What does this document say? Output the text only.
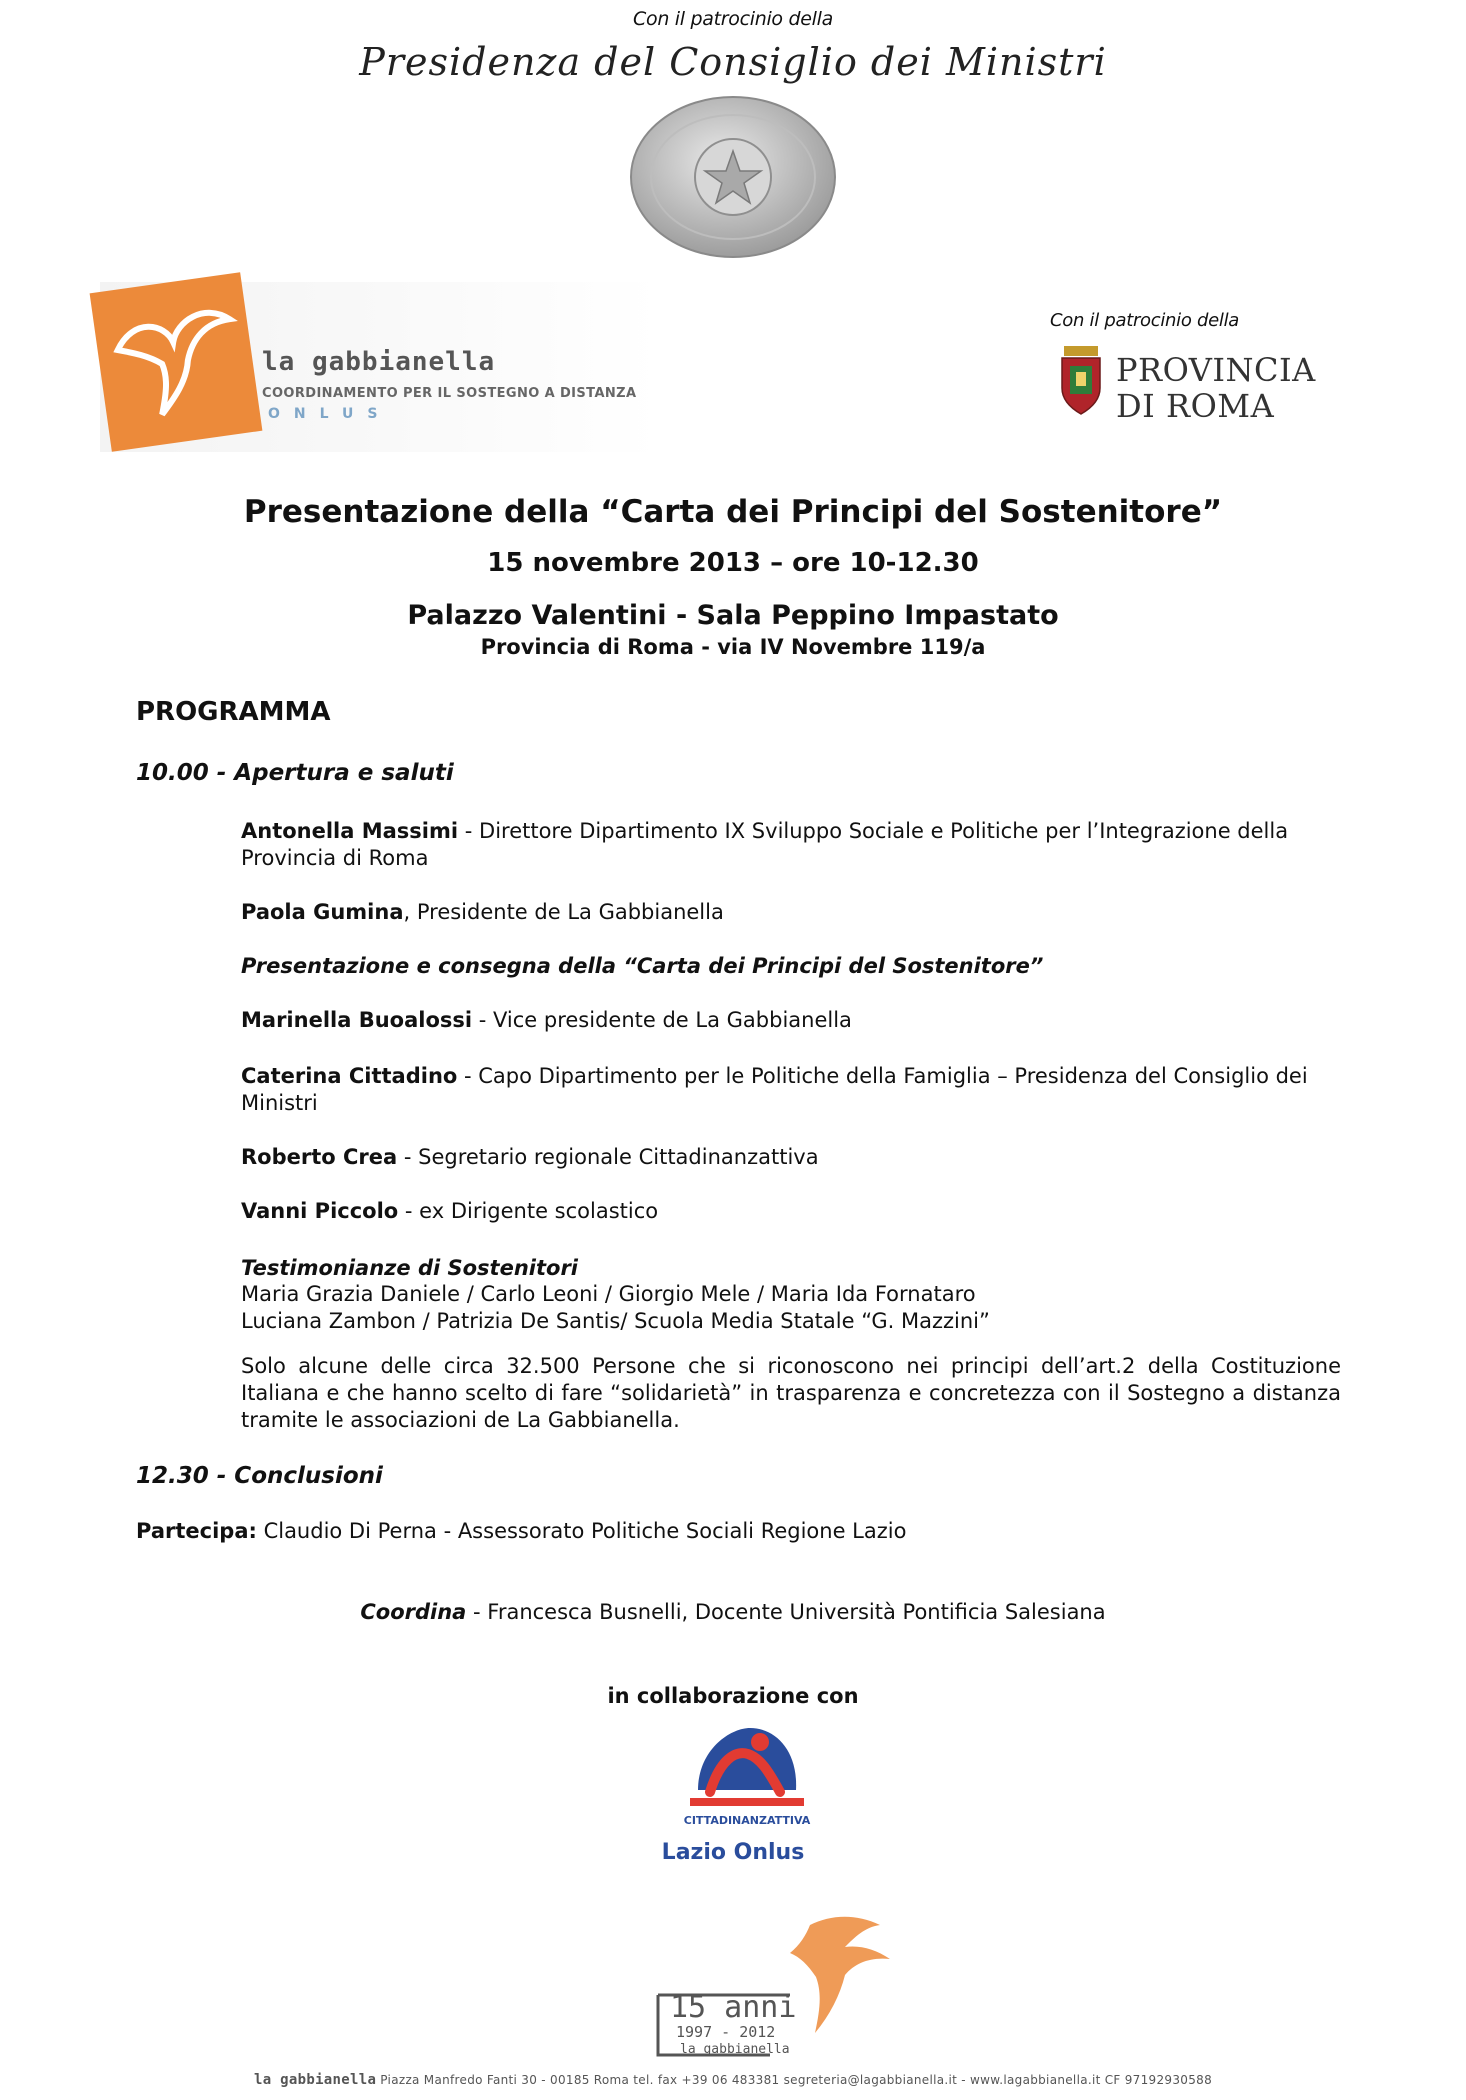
Con il patrocinio della
Presidenza del Consiglio dei Ministri
la gabbianella
COORDINAMENTO PER IL SOSTEGNO A DISTANZA
ONLUS
Con il patrocinio della
PROVINCIA
DI ROMA
Presentazione della “Carta dei Principi del Sostenitore”
15 novembre 2013 – ore 10-12.30
Palazzo Valentini - Sala Peppino Impastato
Provincia di Roma - via IV Novembre 119/a
PROGRAMMA
10.00 - Apertura e saluti
Antonella Massimi - Direttore Dipartimento IX Sviluppo Sociale e Politiche per l’Integrazione della Provincia di Roma
Paola Gumina, Presidente de La Gabbianella
Presentazione e consegna della “Carta dei Principi del Sostenitore”
Marinella Buoalossi - Vice presidente de La Gabbianella
Caterina Cittadino - Capo Dipartimento per le Politiche della Famiglia – Presidenza del Consiglio dei Ministri
Roberto Crea - Segretario regionale Cittadinanzattiva
Vanni Piccolo - ex Dirigente scolastico
Testimonianze di Sostenitori
Maria Grazia Daniele / Carlo Leoni / Giorgio Mele / Maria Ida Fornataro
Luciana Zambon / Patrizia De Santis/ Scuola Media Statale “G. Mazzini”
Solo alcune delle circa 32.500 Persone che si riconoscono nei principi dell’art.2 della Costituzione Italiana e che hanno scelto di fare “solidarietà” in trasparenza e concretezza con il Sostegno a distanza tramite le associazioni de La Gabbianella.
12.30 - Conclusioni
Partecipa: Claudio Di Perna - Assessorato Politiche Sociali Regione Lazio
Coordina - Francesca Busnelli, Docente Università Pontificia Salesiana
in collaborazione con
CITTADINANZATTIVA
Lazio Onlus
15 anni
1997 - 2012
la gabbianella
la gabbianella Piazza Manfredo Fanti 30 - 00185 Roma tel. fax +39 06 483381 segreteria@lagabbianella.it - www.lagabbianella.it CF 97192930588
